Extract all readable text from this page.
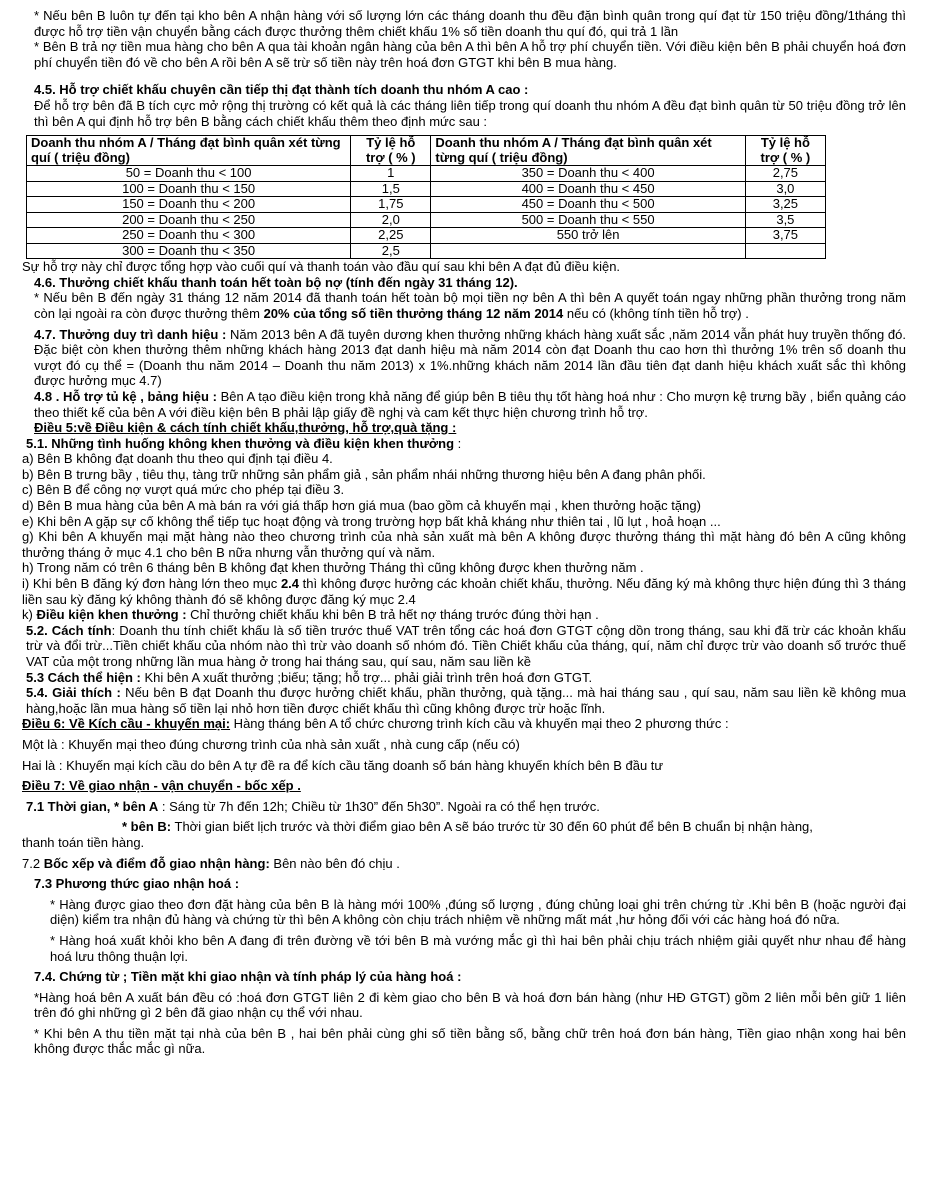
* Nếu bên B luôn tự đến tại kho bên A nhận hàng với số lượng lớn các tháng doanh thu đều đặn bình quân trong quí đạt từ 150 triệu đồng/1tháng thì được hỗ trợ tiền vận chuyển bằng cách được thưởng thêm chiết khấu 1% số tiền doanh thu quí đó, qui trả 1 lần

* Bên B trả nợ tiền mua hàng cho bên A qua tài khoản ngân hàng của bên A thì bên A hỗ trợ phí chuyển tiền. Với điều kiện bên B phải chuyển hoá đơn phí chuyển tiền đó về cho bên A rồi bên A sẽ trừ số tiền này trên hoá đơn GTGT khi bên B mua hàng.

4.5. Hỗ trợ chiết khấu chuyên cần tiếp thị đạt thành tích doanh thu nhóm A cao :

Để hỗ trợ bên đã B tích cực mở rộng thị trường có kết quả là các tháng liên tiếp trong quí doanh thu nhóm A đều đạt bình quân từ 50 triệu đồng trở lên thì bên A qui định hỗ trợ bên B bằng cách chiết khấu thêm theo định mức sau :

Doanh thu nhóm A / Tháng đạt bình quân xét từng quí ( triệu đồng)	Tỷ lệ hỗ trợ ( % )	Doanh thu nhóm A / Tháng đạt bình quân xét từng quí ( triệu đồng)	Tỷ lệ hỗ trợ ( % )
50 = Doanh thu < 100	1	350 = Doanh thu < 400	2,75
100 = Doanh thu < 150	1,5	400 = Doanh thu < 450	3,0
150 = Doanh thu < 200	1,75	450 = Doanh thu < 500	3,25
200 = Doanh thu < 250	2,0	500 = Doanh thu < 550	3,5
250 = Doanh thu < 300	2,25	550 trở lên	3,75
300 = Doanh thu < 350	2,5		

Sự hỗ trợ này chỉ được tổng hợp vào cuối quí và thanh toán vào đầu quí sau khi bên A đạt đủ điều kiện.

4.6. Thưởng chiết khấu thanh toán hết toàn bộ nợ (tính đến ngày 31 tháng 12).

* Nếu bên B đến ngày 31 tháng 12 năm 2014 đã thanh toán hết toàn bộ mọi tiền nợ bên A thì bên A quyết toán ngay những phần thưởng trong năm còn lại ngoài ra còn được thưởng thêm 20% của tổng số tiền thưởng tháng 12 năm 2014 nếu có (không tính tiền hỗ trợ) .

4.7. Thưởng duy trì danh hiệu : Năm 2013 bên A đã tuyên dương khen thưởng những khách hàng xuất sắc ,năm 2014 vẫn phát huy truyền thống đó. Đặc biệt còn khen thưởng thêm những khách hàng 2013 đạt danh hiệu mà năm 2014 còn đạt Doanh thu cao hơn thì thưởng 1% trên số doanh thu vượt đó cụ thể = (Doanh thu năm 2014 – Doanh thu năm 2013) x 1%.những khách năm 2014 lần đầu tiên đạt danh hiệu khách xuất sắc thì không được hưởng mục 4.7)

4.8 . Hỗ trợ tủ kệ , bảng hiệu : Bên A tạo điều kiện trong khả năng để giúp bên B tiêu thụ tốt hàng hoá như : Cho mượn kệ trưng bầy , biển quảng cáo theo thiết kế của bên A với điều kiện bên B phải lập giấy đề nghị và cam kết thực hiện chương trình hỗ trợ.

Điều 5:về Điều kiện & cách tính chiết khấu,thưởng, hỗ trợ,quà tặng :

5.1. Những tình huống không khen thưởng và điều kiện khen thưởng :

a) Bên B không đạt doanh thu theo qui định tại điều 4.

b) Bên B trưng bầy , tiêu thụ, tàng trữ những sản phẩm giả , sản phẩm nhái những thương hiệu bên A đang phân phối.

c) Bên B để công nợ vượt quá mức cho phép tại điều 3.

d) Bên B mua hàng của bên A mà bán ra với giá thấp hơn giá mua (bao gồm cả khuyến mại , khen thưởng hoặc tặng)

e) Khi bên A gặp sự cố không thể tiếp tục hoạt động và trong trường hợp bất khả kháng như thiên tai , lũ lụt , hoả hoạn ...

g) Khi bên A khuyến mại mặt hàng nào theo chương trình của nhà sản xuất mà bên A không được thưởng tháng thì mặt hàng đó bên A cũng không thưởng tháng ở mục 4.1 cho bên B nữa nhưng vẫn thưởng quí và năm.

h) Trong năm có trên 6 tháng bên B không đạt khen thưởng Tháng thì cũng không được khen thưởng năm .

i) Khi bên B đăng ký đơn hàng lớn theo mục 2.4 thì không được hưởng các khoản chiết khấu, thưởng. Nếu đăng ký mà không thực hiện đúng thì 3 tháng liền sau kỳ đăng ký không thành đó sẽ không được đăng ký mục 2.4

k) Điều kiện khen thưởng : Chỉ thưởng chiết khấu khi bên B trả hết nợ tháng trước đúng thời hạn .

5.2. Cách tính: Doanh thu tính chiết khấu là số tiền trước thuế VAT trên tổng các hoá đơn GTGT cộng dồn trong tháng, sau khi đã trừ các khoản khấu trừ và đổi trừ...Tiền chiết khấu của nhóm nào thì trừ vào doanh số nhóm đó. Tiền Chiết khấu của tháng, quí, năm chỉ được trừ vào doanh số trước thuế VAT của một trong những lần mua hàng ở trong hai tháng sau, quí sau, năm sau liền kề

5.3 Cách thể hiện : Khi bên A xuất thưởng ;biếu; tặng; hỗ trợ... phải giải trình trên hoá đơn GTGT.

5.4. Giải thích : Nếu bên B đạt Doanh thu được hưởng chiết khấu, phần thưởng, quà tặng... mà hai tháng sau , quí sau, năm sau liền kề không mua hàng,hoặc lần mua hàng số tiền lại nhỏ hơn tiền được chiết khấu thì cũng không được trừ hoặc lĩnh.

Điều 6: Về Kích cầu - khuyến mại: Hàng tháng bên A tổ chức chương trình kích cầu và khuyến mại theo 2 phương thức :

Một là : Khuyến mại theo đúng chương trình của nhà sản xuất , nhà cung cấp (nếu có)

Hai là : Khuyến mại kích cầu do bên A tự đề ra để kích cầu tăng doanh số bán hàng khuyến khích bên B đầu tư

Điều 7: Về giao nhận - vận chuyển - bốc xếp .

7.1 Thời gian, * bên A : Sáng từ 7h đến 12h; Chiều từ 1h30” đến 5h30”. Ngoài ra có thể hẹn trước.

* bên B: Thời gian biết lịch trước và thời điểm giao bên A sẽ báo trước từ 30 đến 60 phút để bên B chuẩn bị nhận hàng,

thanh toán tiền hàng.

7.2 Bốc xếp và điểm đỗ giao nhận hàng: Bên nào bên đó chịu .

7.3 Phương thức giao nhận hoá :

* Hàng được giao theo đơn đặt hàng của bên B là hàng mới 100% ,đúng số lượng , đúng chủng loại ghi trên chứng từ .Khi bên B (hoặc người đại diện) kiểm tra nhận đủ hàng và chứng từ thì bên A không còn chịu trách nhiệm về những mất mát ,hư hỏng đối với các hàng hoá đó nữa.

* Hàng hoá xuất khỏi kho bên A đang đi trên đường về tới bên B mà vướng mắc gì thì hai bên phải chịu trách nhiệm giải quyết như nhau để hàng hoá lưu thông thuận lợi.

7.4. Chứng từ ; Tiền mặt khi giao nhận và tính pháp lý của hàng hoá :

*Hàng hoá bên A xuất bán đều có :hoá đơn GTGT liên 2 đi kèm giao cho bên B và hoá đơn bán hàng (như HĐ GTGT) gồm 2 liên mỗi bên giữ 1 liên trên đó ghi những gì 2 bên đã giao nhận cụ thể với nhau.

* Khi bên A thu tiền mặt tại nhà của bên B , hai bên phải cùng ghi số tiền bằng số, bằng chữ trên hoá đơn bán hàng, Tiền giao nhận xong hai bên không được thắc mắc gì nữa.
